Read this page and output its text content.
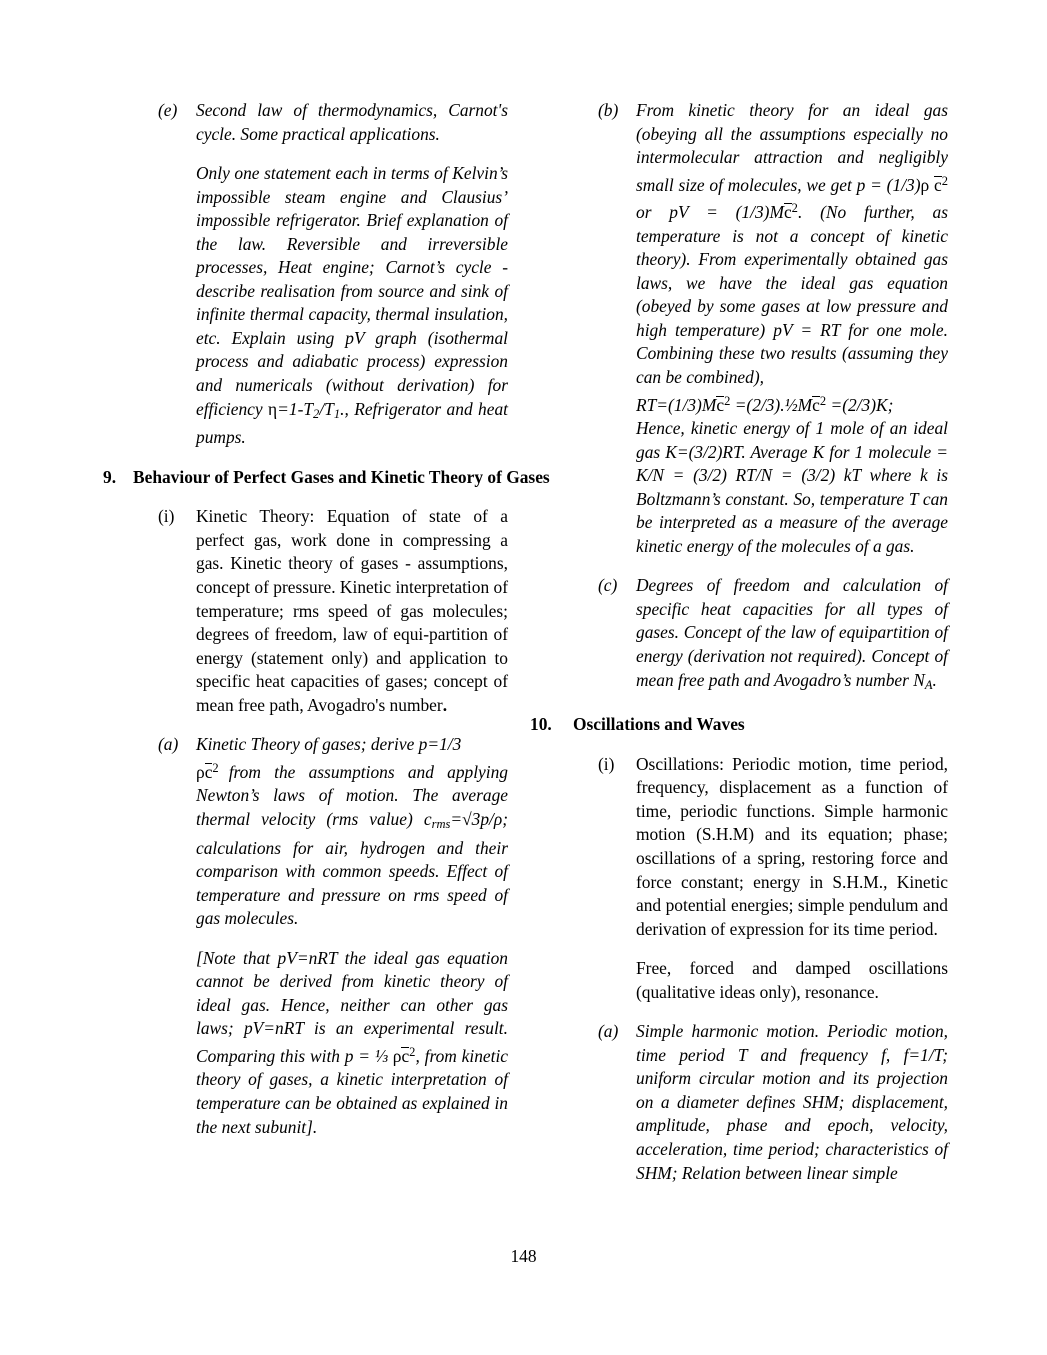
(e)	Second law of thermodynamics, Carnot's cycle. Some practical applications.
Only one statement each in terms of Kelvin’s impossible steam engine and Clausius’ impossible refrigerator. Brief explanation of the law. Reversible and irreversible processes, Heat engine; Carnot’s cycle - describe realisation from source and sink of infinite thermal capacity, thermal insulation, etc. Explain using pV graph (isothermal process and adiabatic process) expression and numericals (without derivation) for efficiency $\eta=1-T_2/T_1$., Refrigerator and heat pumps.
9. Behaviour of Perfect Gases and Kinetic Theory of Gases
(i)	Kinetic Theory: Equation of state of a perfect gas, work done in compressing a gas. Kinetic theory of gases - assumptions, concept of pressure. Kinetic interpretation of temperature; rms speed of gas molecules; degrees of freedom, law of equi-partition of energy (statement only) and application to specific heat capacities of gases; concept of mean free path, Avogadro's number.
(a)	Kinetic Theory of gases; derive p=1/3
$\rho c^2$ from the assumptions and applying Newton’s laws of motion. The average thermal velocity (rms value) $c_{rms}=√3p/\rho$; calculations for air, hydrogen and their comparison with common speeds. Effect of temperature and pressure on rms speed of gas molecules.
[Note that pV=nRT the ideal gas equation cannot be derived from kinetic theory of ideal gas. Hence, neither can other gas laws; pV=nRT is an experimental result. Comparing this with p = ⅓ $\rho c^2$, from kinetic theory of gases, a kinetic interpretation of temperature can be obtained as explained in the next subunit].
(b)	From kinetic theory for an ideal gas (obeying all the assumptions especially no intermolecular attraction and negligibly small size of molecules, we get p = (1/3)ρ $c^2$ or pV = $(1/3)Mc^2$. (No further, as temperature is not a concept of kinetic theory). From experimentally obtained gas laws, we have the ideal gas equation (obeyed by some gases at low pressure and high temperature) pV = RT for one mole. Combining these two results (assuming they can be combined),
$RT=(1/3)Mc^2$ $=(2/3).\frac{1}{2}Mc^2 =(2/3)K$;
Hence, kinetic energy of 1 mole of an ideal gas K=(3/2)RT. Average K for 1 molecule = K/N = (3/2) RT/N = (3/2) kT where k is Boltzmann’s constant. So, temperature T can be interpreted as a measure of the average kinetic energy of the molecules of a gas.
(c)	Degrees of freedom and calculation of specific heat capacities for all types of gases. Concept of the law of equipartition of energy (derivation not required). Concept of mean free path and Avogadro’s number $N_A$.
10.	Oscillations and Waves
(i)	Oscillations: Periodic motion, time period, frequency, displacement as a function of time, periodic functions. Simple harmonic motion (S.H.M) and its equation; phase; oscillations of a spring, restoring force and force constant; energy in S.H.M., Kinetic and potential energies; simple pendulum and derivation of expression for its time period.
Free, forced and damped oscillations (qualitative ideas only), resonance.
(a)	Simple harmonic motion. Periodic motion, time period T and frequency f, f=1/T; uniform circular motion and its projection on a diameter defines SHM; displacement, amplitude, phase and epoch, velocity, acceleration, time period; characteristics of SHM; Relation between linear simple
148
